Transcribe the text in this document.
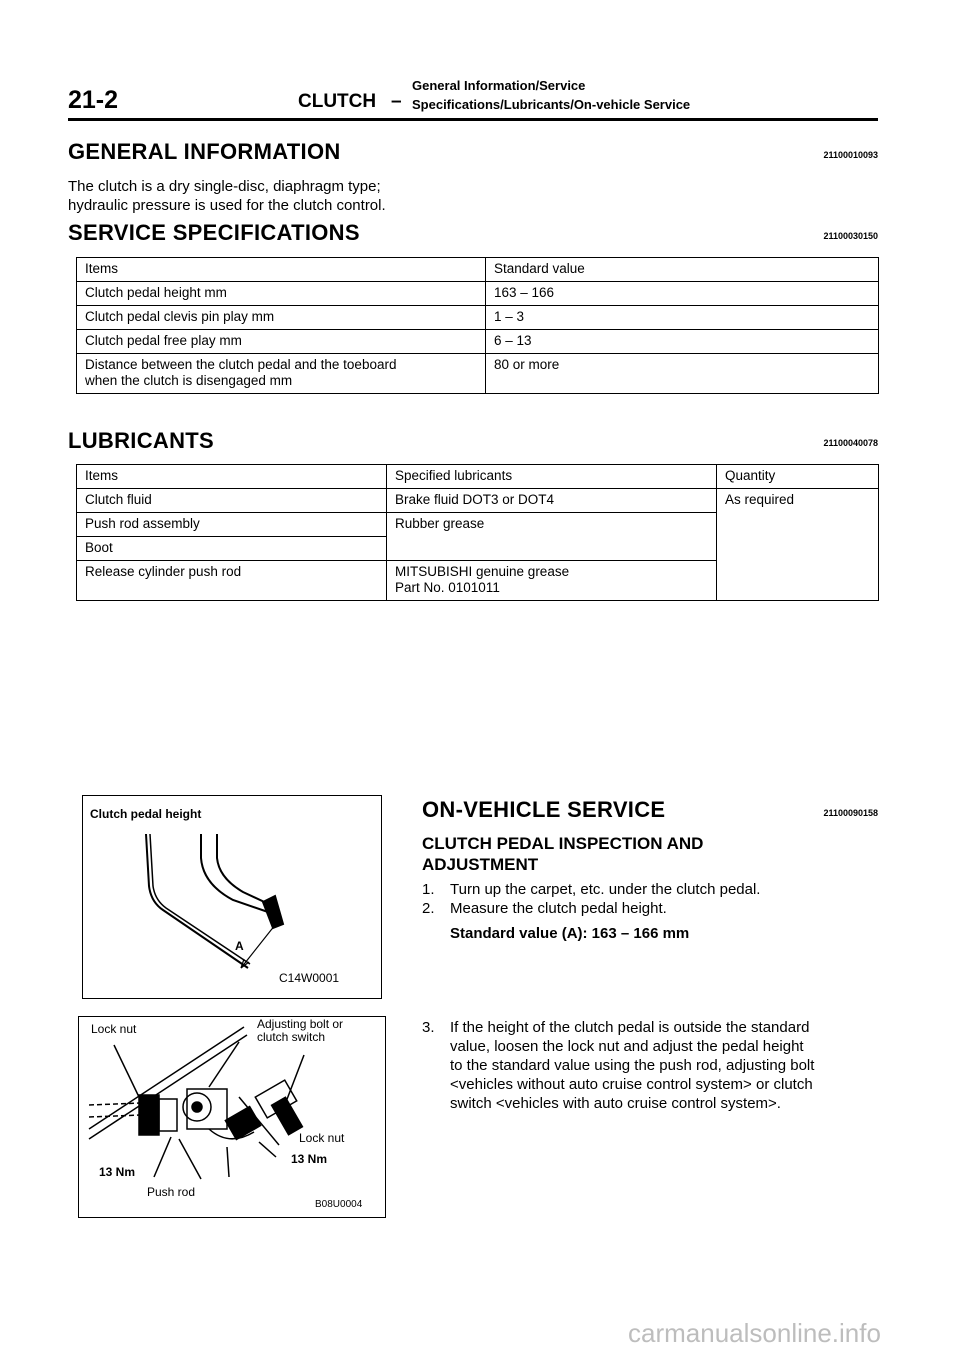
21-2	CLUTCH –
General Information/Service
Specifications/Lubricants/On-vehicle Service
GENERAL INFORMATION	21100010093
The clutch is a dry single-disc, diaphragm type;
hydraulic pressure is used for the clutch control.
SERVICE SPECIFICATIONS	21100030150
Items	Standard value
Clutch pedal height mm	163 – 166
Clutch pedal clevis pin play mm	1 – 3
Clutch pedal free play mm	6 – 13

Distance between the clutch pedal and the toeboard
when the clutch is disengaged mm	80 or more
LUBRICANTS	21100040078
Items	Specified lubricants	Quantity
Clutch fluid	Brake fluid DOT3 or DOT4	As required
Push rod assembly	Rubber grease	
Boot		
Release cylinder push rod	MITSUBISHI genuine grease
Part No. 0101011	
Clutch pedal height
A
C14W0001
Lock nut	Adjusting bolt or
clutch switch
Lock nut
13 Nm
13 Nm
Push rod
B08U0004
ON-VEHICLE SERVICE	21100090158
CLUTCH PEDAL INSPECTION AND
ADJUSTMENT
1. Turn up the carpet, etc. under the clutch pedal.
2. Measure the clutch pedal height.
Standard value (A): 163 – 166 mm
3. If the height of the clutch pedal is outside the standard
value, loosen the lock nut and adjust the pedal height
to the standard value using the push rod, adjusting bolt
<vehicles without auto cruise control system> or clutch
switch <vehicles with auto cruise control system>.
carmanualsonline.info
